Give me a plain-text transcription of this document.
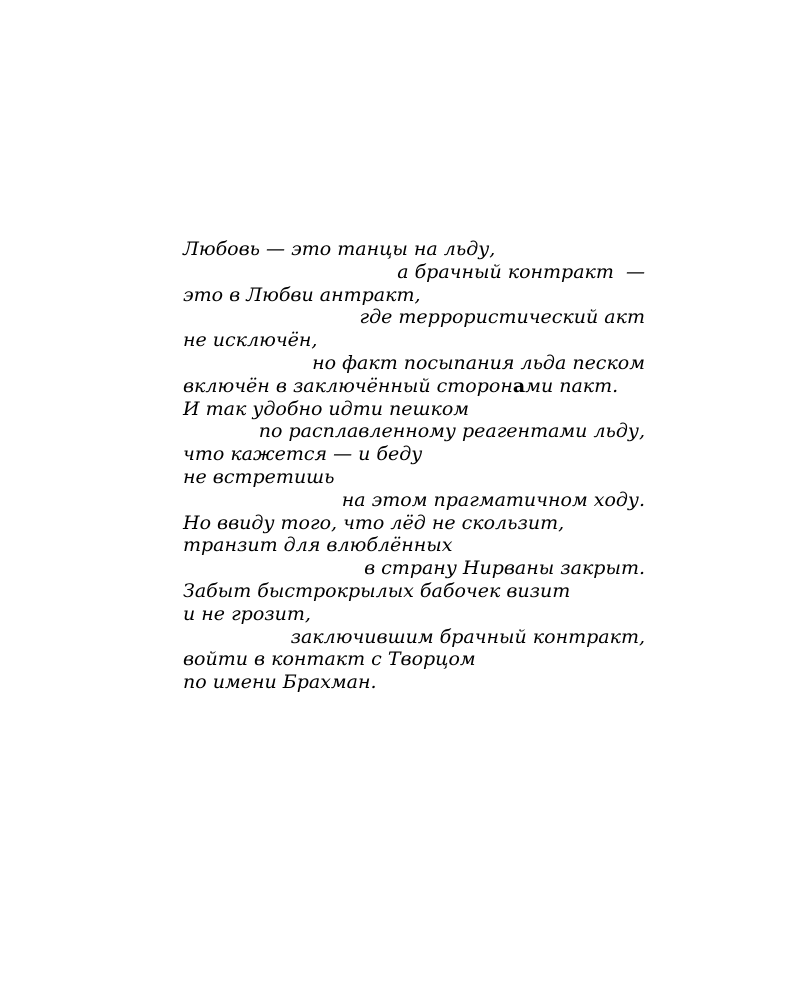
Любовь — это танцы на льду,
а брачный контракт  —
это в Любви антракт,
где террористический акт
не исключён,
но факт посыпания льда песком
включён в заключённый сторонами пакт.
И так удобно идти пешком
по расплавленному реагентами льду,
что кажется — и беду
не встретишь
на этом прагматичном ходу.
Но ввиду того, что лёд не скользит,
транзит для влюблённых
в страну Нирваны закрыт.
Забыт быстрокрылых бабочек визит
и не грозит,
заключившим брачный контракт,
войти в контакт с Творцом
по имени Брахман.
